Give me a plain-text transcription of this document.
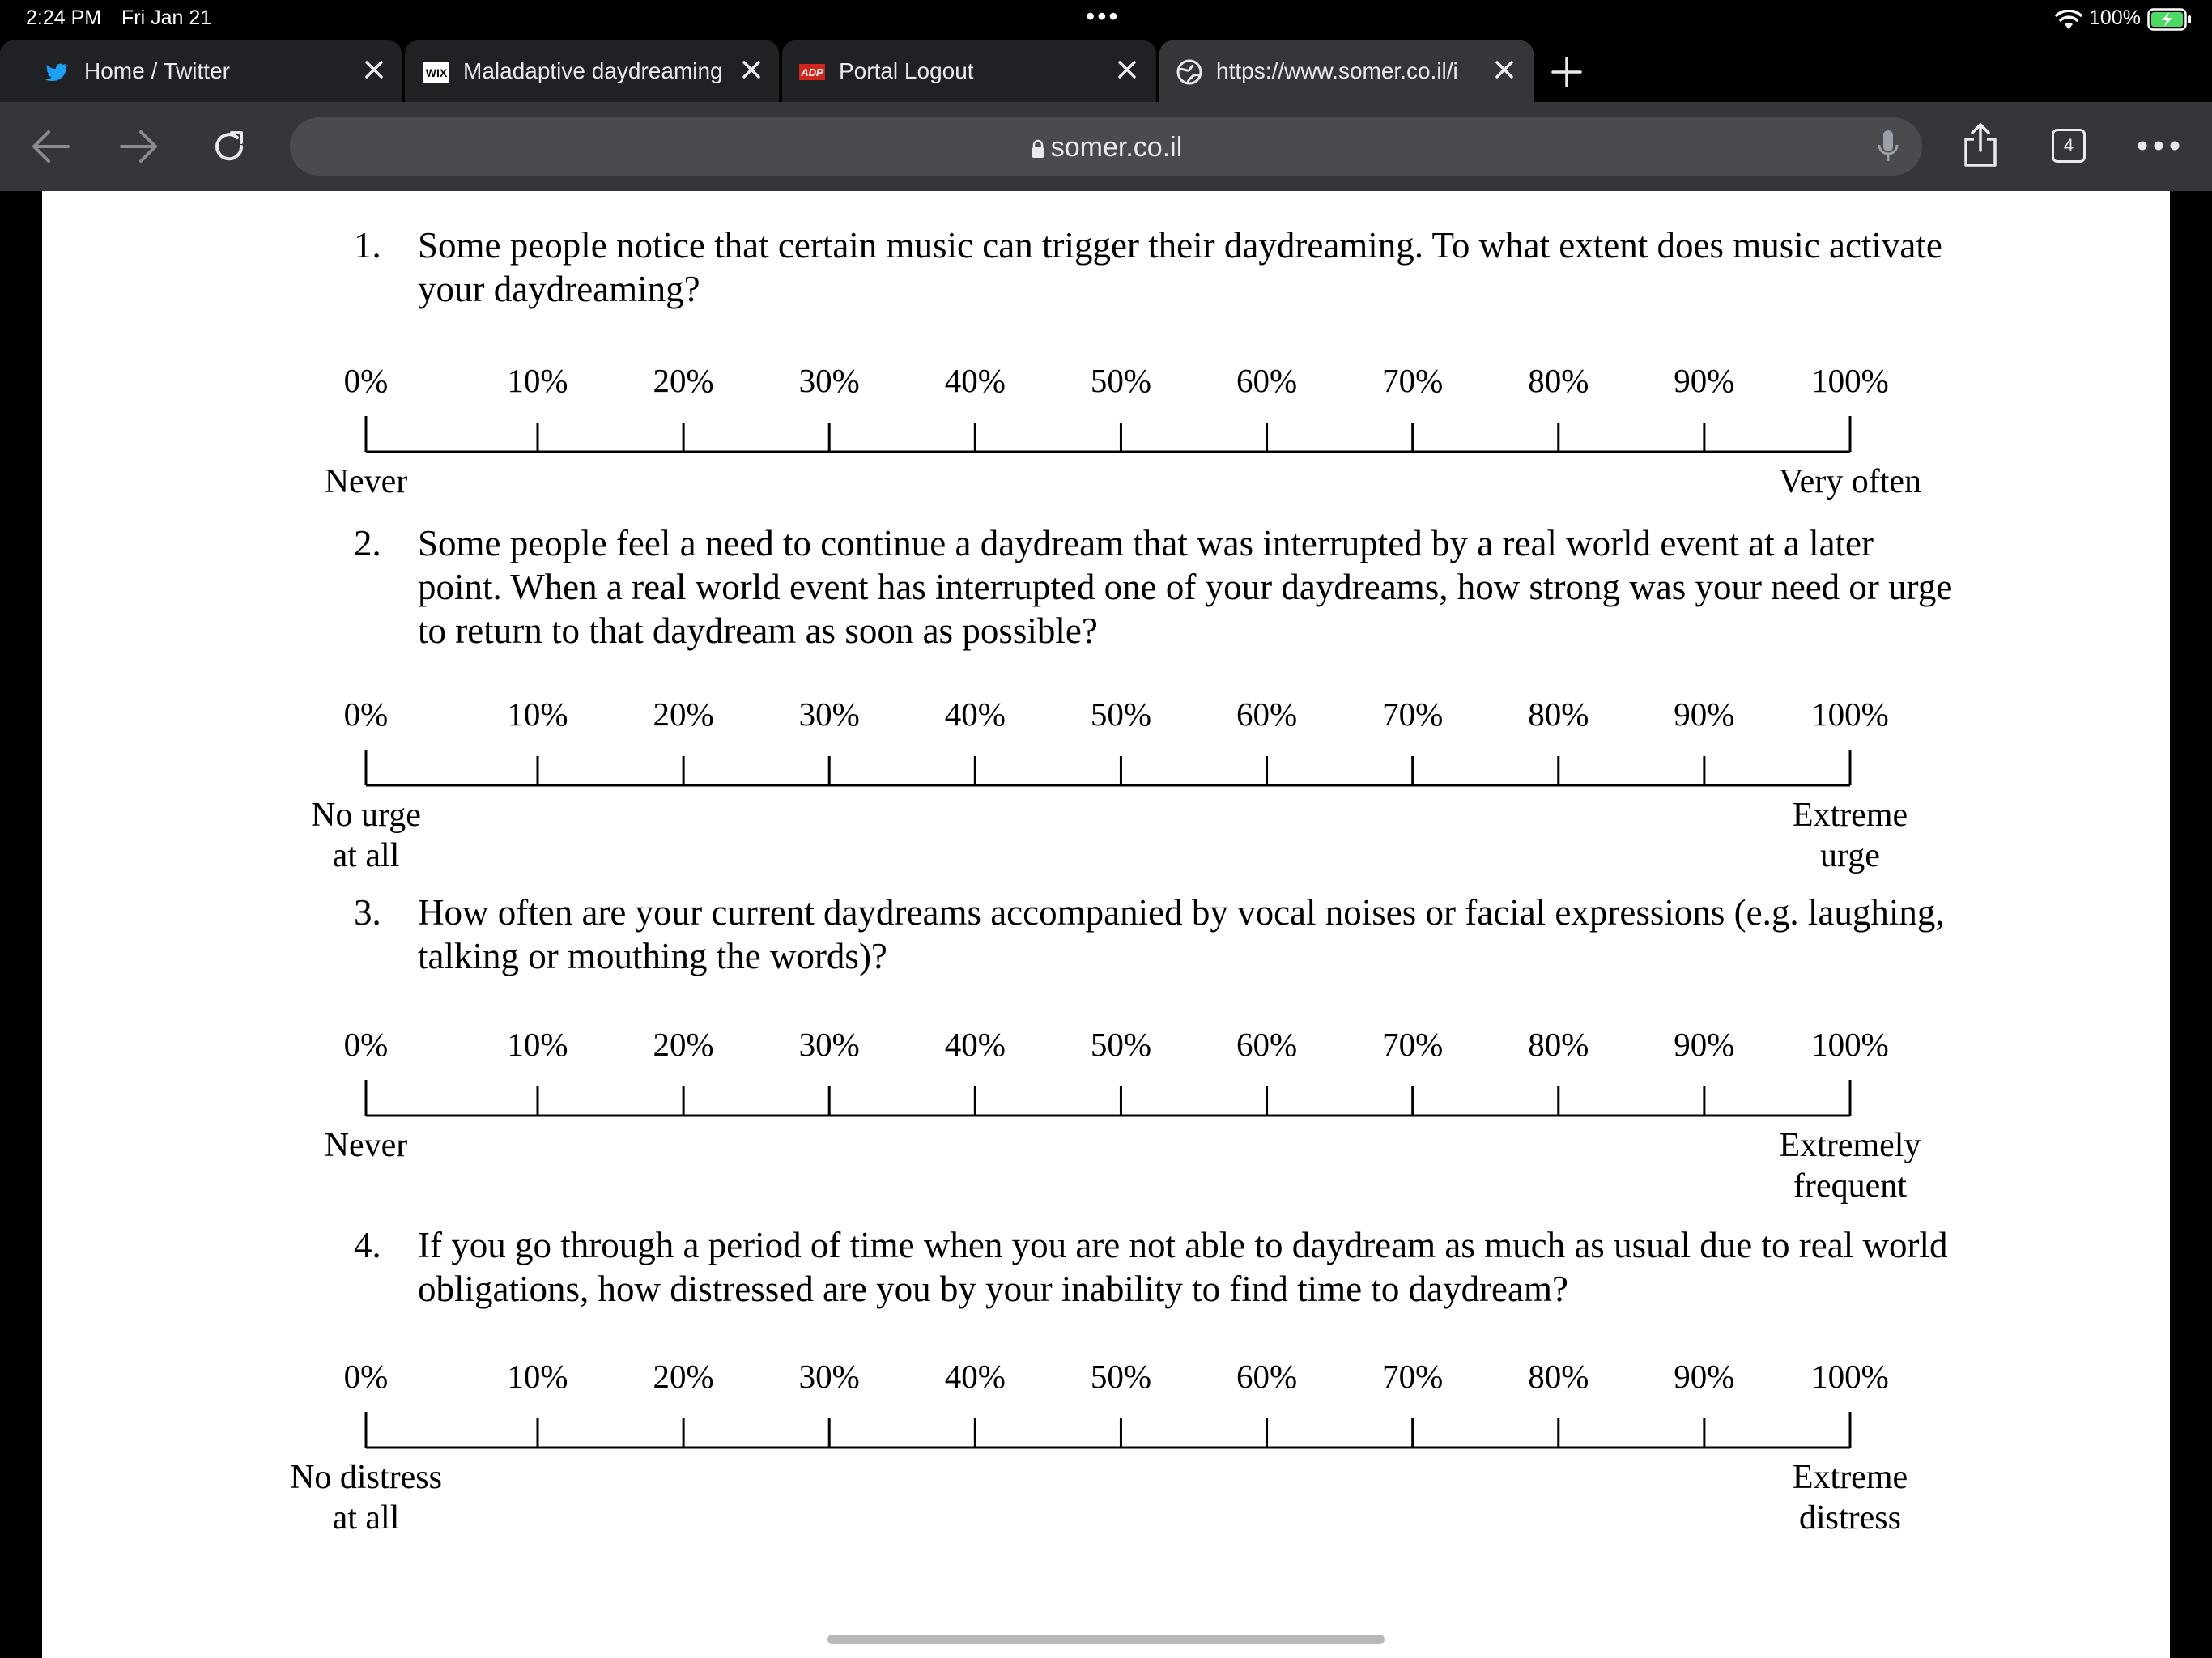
2:24 PM Fri Jan 21	•••	100%
Home / Twitter	WIX Maladaptive daydreaming	ADP Portal Logout	https://www.somer.co.il/i
somer.co.il	4
1. Some people notice that certain music can trigger their daydreaming. To what extent does music activate your daydreaming?
2. Some people feel a need to continue a daydream that was interrupted by a real world event at a later point. When a real world event has interrupted one of your daydreams, how strong was your need or urge to return to that daydream as soon as possible?
3. How often are your current daydreams accompanied by vocal noises or facial expressions (e.g. laughing, talking or mouthing the words)?
4. If you go through a period of time when you are not able to daydream as much as usual due to real world obligations, how distressed are you by your inability to find time to daydream?
0%	10%	20%	30%	40%	50%	60%	70%	80%	90% 100%
Never	Very often
0%	10%	20%	30%	40%	50%	60%	70%	80%	90% 100%
No urge
at all
Extreme
urge
0%	10%	20%	30%	40%	50%	60%	70%	80%	90% 100%
Never	Extremely
frequent
0%	10%	20%	30%	40%	50%	60%	70%	80%	90% 100%
No distress
at all
Extreme
distress
